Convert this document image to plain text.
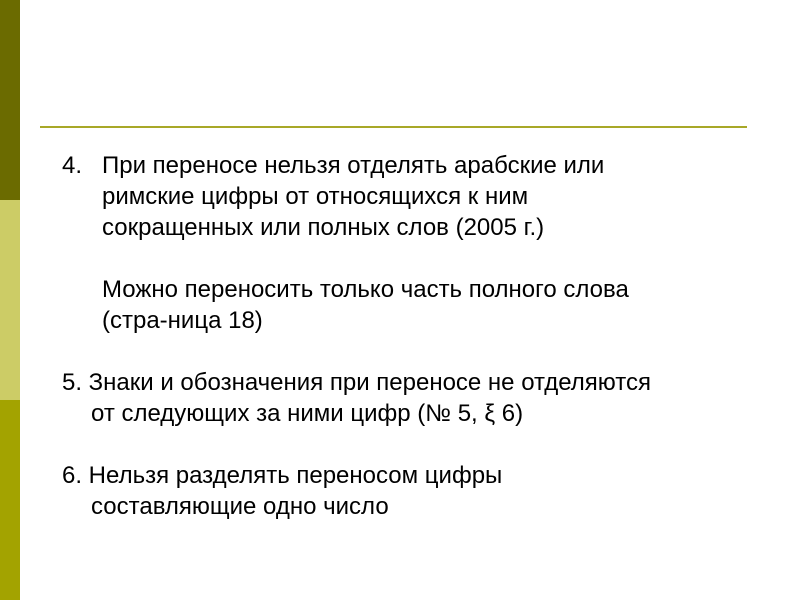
4. При переносе нельзя отделять арабские или
римские цифры от относящихся к ним
сокращенных или полных слов (2005 г.)
Можно переносить только часть полного слова
(стра-ница 18)
5. Знаки и обозначения при переносе не отделяются
от следующих за ними цифр (№ 5, ξ 6)
6. Нельзя разделять переносом цифры
составляющие одно число
